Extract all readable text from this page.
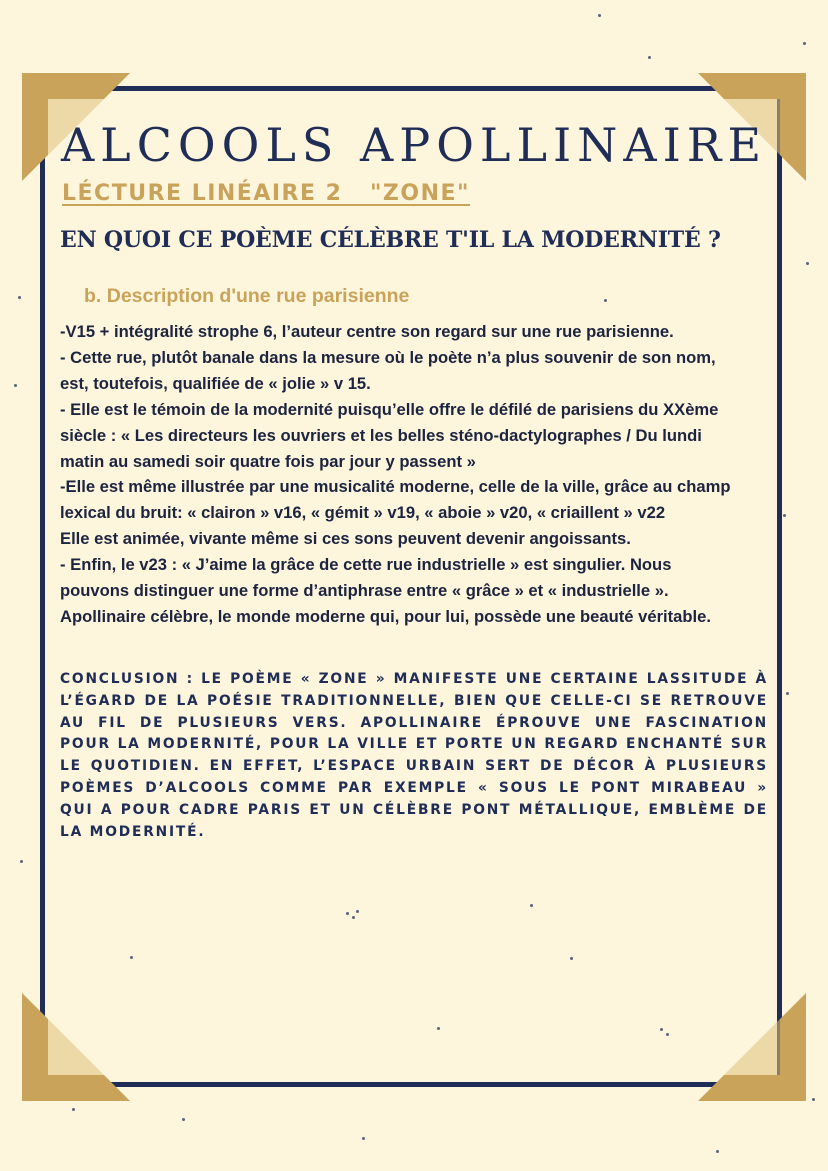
ALCOOLS APOLLINAIRE
LÉCTURE LINÉAIRE 2   "ZONE"
EN QUOI CE POÈME CÉLÈBRE T'IL LA MODERNITÉ ?
b. Description d'une rue parisienne

-V15 + intégralité strophe 6, l’auteur centre son regard sur une rue parisienne.

- Cette rue, plutôt banale dans la mesure où le poète n’a plus souvenir de son nom,

est, toutefois, qualifiée de « jolie » v 15.

- Elle est le témoin de la modernité puisqu’elle offre le défilé de parisiens du XXème

siècle : « Les directeurs les ouvriers et les belles sténo-dactylographes / Du lundi

matin au samedi soir quatre fois par jour y passent »

-Elle est même illustrée par une musicalité moderne, celle de la ville, grâce au champ

lexical du bruit: « clairon » v16, « gémit » v19, « aboie » v20, « criaillent » v22

Elle est animée, vivante même si ces sons peuvent devenir angoissants.

- Enfin, le v23 : « J’aime la grâce de cette rue industrielle » est singulier. Nous

pouvons distinguer une forme d’antiphrase entre « grâce » et « industrielle ».

Apollinaire célèbre, le monde moderne qui, pour lui, possède une beauté véritable.

CONCLUSION : LE POÈME « ZONE » MANIFESTE UNE CERTAINE LASSITUDE À L’ÉGARD DE LA POÉSIE TRADITIONNELLE, BIEN QUE CELLE-CI SE RETROUVE AU FIL DE PLUSIEURS VERS. APOLLINAIRE ÉPROUVE UNE FASCINATION POUR LA MODERNITÉ, POUR LA VILLE ET PORTE UN REGARD ENCHANTÉ SUR LE QUOTIDIEN. EN EFFET, L’ESPACE URBAIN SERT DE DÉCOR À PLUSIEURS POÈMES D’ALCOOLS COMME PAR EXEMPLE « SOUS LE PONT MIRABEAU » QUI A POUR CADRE PARIS ET UN CÉLÈBRE PONT MÉTALLIQUE, EMBLÈME DE LA MODERNITÉ.
